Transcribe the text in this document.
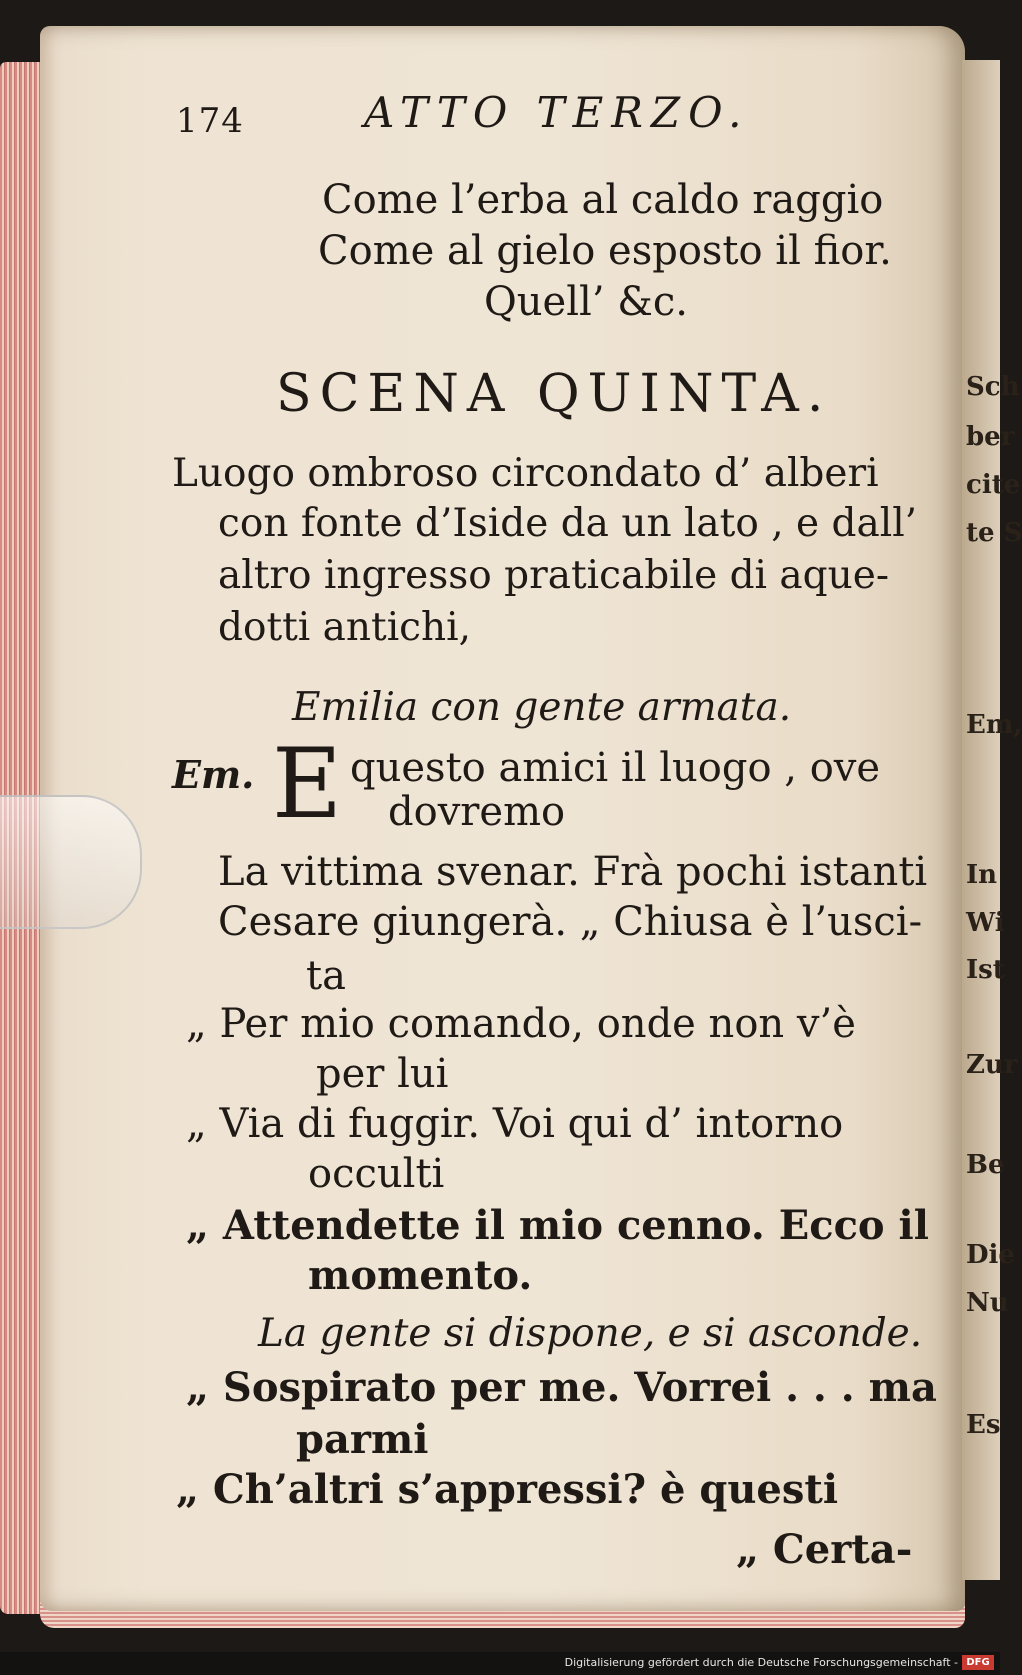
Sch
ber
cite
te S
Em,
In
Wi
Ist
Zur
Be
Die
Nu
Es
174	ATTO TERZO.
Come l’erba al caldo raggio
Come al gielo esposto il fior.
Quell’ &c.
SCENA QUINTA.
Luogo ombroso circondato d’ alberi
con fonte d’Iside da un lato , e dall’
altro ingresso praticabile di aque-
dotti antichi,
Emilia con gente armata.
Em. E questo amici il luogo , ove
dovremo
La vittima svenar. Frà pochi istanti
Cesare giungerà. „ Chiusa è l’usci-
ta
„ Per mio comando, onde non v’è
per lui
„ Via di fuggir. Voi qui d’ intorno
occulti
„ Attendette il mio cenno. Ecco il
momento.
La gente si dispone, e si asconde.
„ Sospirato per me. Vorrei . . . ma
parmi
„ Ch’altri s’appressi? è questi
„ Certa-
Digitalisierung gefördert durch die Deutsche Forschungsgemeinschaft - DFG
